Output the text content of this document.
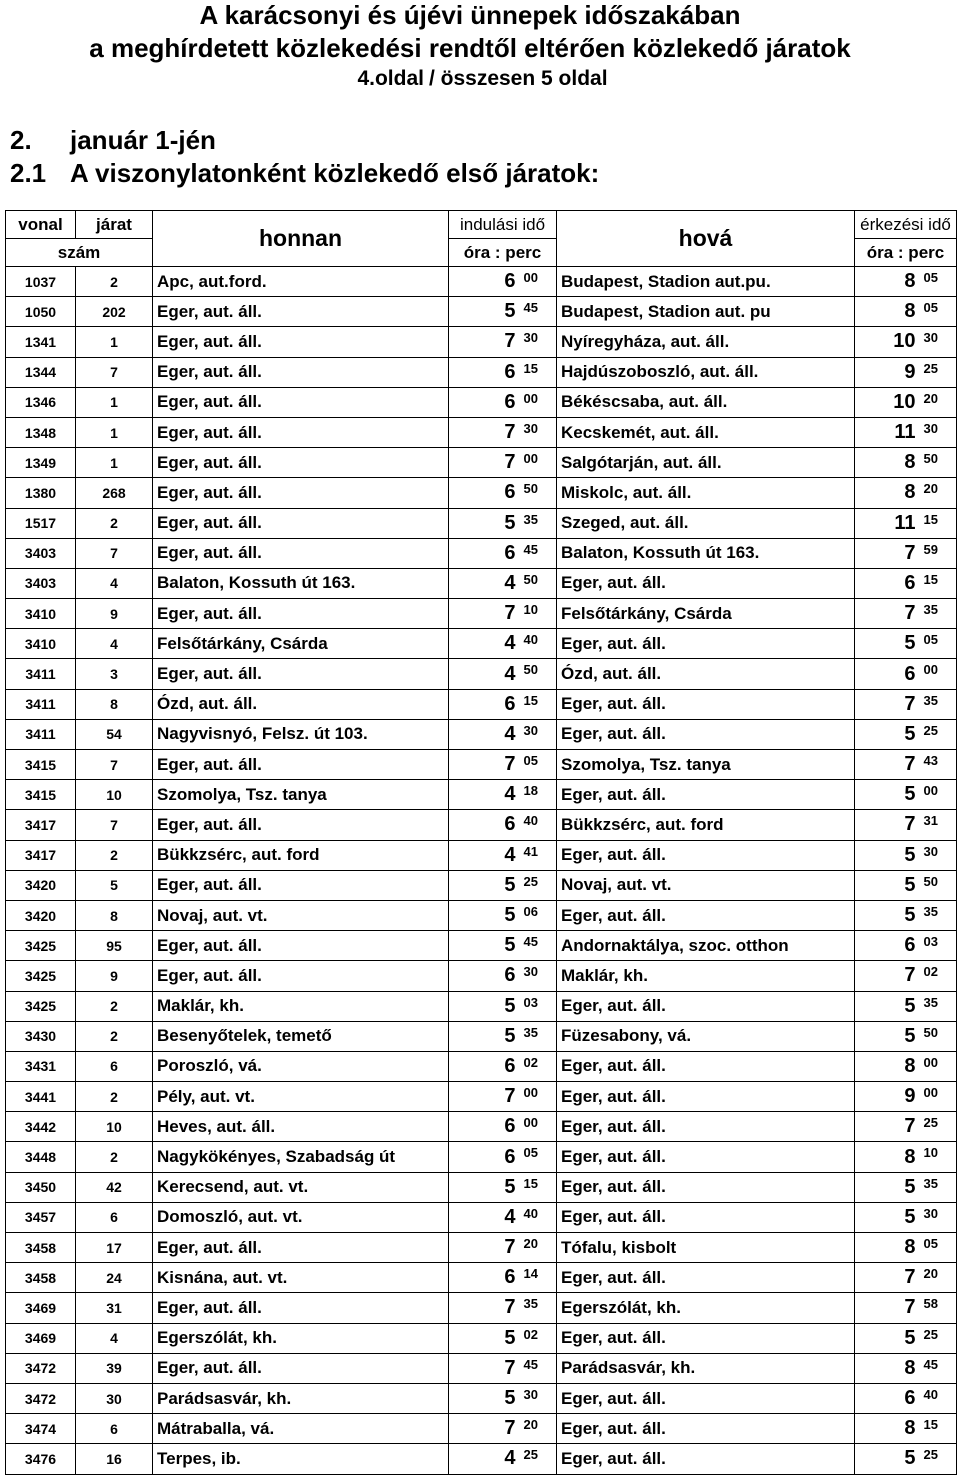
A karácsonyi és újévi ünnepek időszakában
a meghírdetett közlekedési rendtől eltérően közlekedő járatok
4.oldal / összesen 5 oldal
2. január 1-jén
2.1 A viszonylatonként közlekedő első járatok:
vonal	járat	honnan	indulási idő		hová	érkezési idő	
szám			óra : perc			óra : perc	
1037	2	Apc, aut.ford.	6	00	Budapest, Stadion aut.pu.	8	05
1050	202	Eger, aut. áll.	5	45	Budapest, Stadion aut. pu	8	05
1341	1	Eger, aut. áll.	7	30	Nyíregyháza, aut. áll.	10	30
1344	7	Eger, aut. áll.	6	15	Hajdúszoboszló, aut. áll.	9	25
1346	1	Eger, aut. áll.	6	00	Békéscsaba, aut. áll.	10	20
1348	1	Eger, aut. áll.	7	30	Kecskemét, aut. áll.	11	30
1349	1	Eger, aut. áll.	7	00	Salgótarján, aut. áll.	8	50
1380	268	Eger, aut. áll.	6	50	Miskolc, aut. áll.	8	20
1517	2	Eger, aut. áll.	5	35	Szeged, aut. áll.	11	15
3403	7	Eger, aut. áll.	6	45	Balaton, Kossuth út 163.	7	59
3403	4	Balaton, Kossuth út 163.	4	50	Eger, aut. áll.	6	15
3410	9	Eger, aut. áll.	7	10	Felsőtárkány, Csárda	7	35
3410	4	Felsőtárkány, Csárda	4	40	Eger, aut. áll.	5	05
3411	3	Eger, aut. áll.	4	50	Ózd, aut. áll.	6	00
3411	8	Ózd, aut. áll.	6	15	Eger, aut. áll.	7	35
3411	54	Nagyvisnyó, Felsz. út 103.	4	30	Eger, aut. áll.	5	25
3415	7	Eger, aut. áll.	7	05	Szomolya, Tsz. tanya	7	43
3415	10	Szomolya, Tsz. tanya	4	18	Eger, aut. áll.	5	00
3417	7	Eger, aut. áll.	6	40	Bükkzsérc, aut. ford	7	31
3417	2	Bükkzsérc, aut. ford	4	41	Eger, aut. áll.	5	30
3420	5	Eger, aut. áll.	5	25	Novaj, aut. vt.	5	50
3420	8	Novaj, aut. vt.	5	06	Eger, aut. áll.	5	35
3425	95	Eger, aut. áll.	5	45	Andornaktálya, szoc. otthon	6	03
3425	9	Eger, aut. áll.	6	30	Maklár, kh.	7	02
3425	2	Maklár, kh.	5	03	Eger, aut. áll.	5	35
3430	2	Besenyőtelek, temető	5	35	Füzesabony, vá.	5	50
3431	6	Poroszló, vá.	6	02	Eger, aut. áll.	8	00
3441	2	Pély, aut. vt.	7	00	Eger, aut. áll.	9	00
3442	10	Heves, aut. áll.	6	00	Eger, aut. áll.	7	25
3448	2	Nagykökényes, Szabadság út	6	05	Eger, aut. áll.	8	10
3450	42	Kerecsend, aut. vt.	5	15	Eger, aut. áll.	5	35
3457	6	Domoszló, aut. vt.	4	40	Eger, aut. áll.	5	30
3458	17	Eger, aut. áll.	7	20	Tófalu, kisbolt	8	05
3458	24	Kisnána, aut. vt.	6	14	Eger, aut. áll.	7	20
3469	31	Eger, aut. áll.	7	35	Egerszólát, kh.	7	58
3469	4	Egerszólát, kh.	5	02	Eger, aut. áll.	5	25
3472	39	Eger, aut. áll.	7	45	Parádsasvár, kh.	8	45
3472	30	Parádsasvár, kh.	5	30	Eger, aut. áll.	6	40
3474	6	Mátraballa, vá.	7	20	Eger, aut. áll.	8	15
3476	16	Terpes, ib.	4	25	Eger, aut. áll.	5	25
